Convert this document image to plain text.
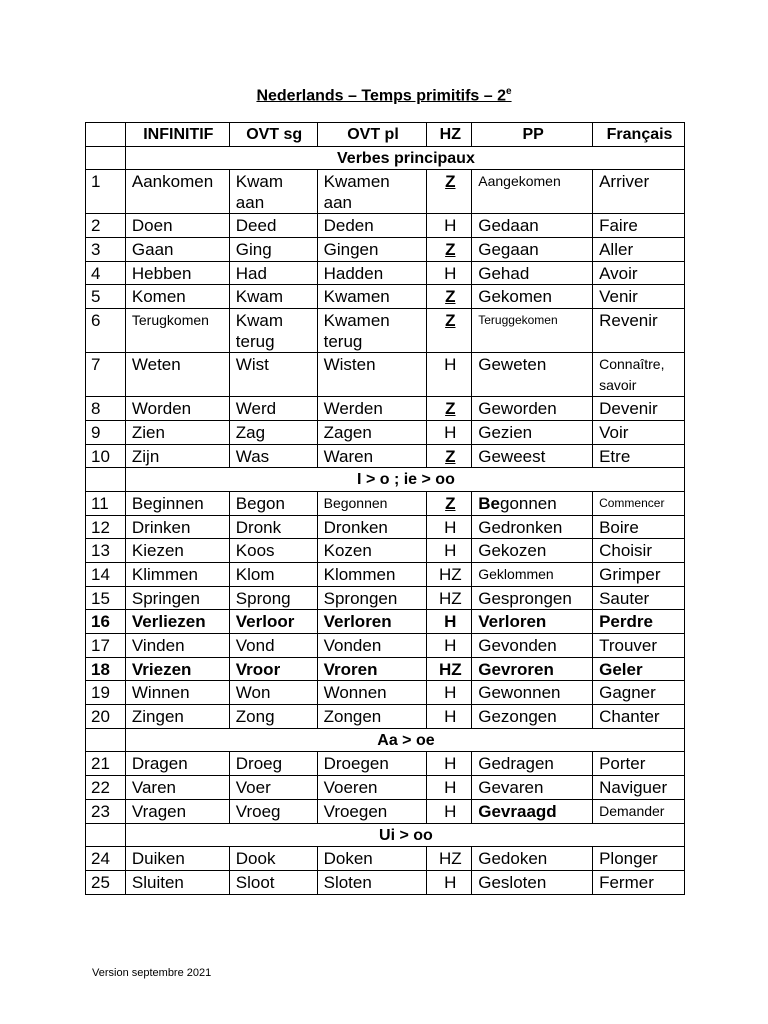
Nederlands – Temps primitifs – 2e
	INFINITIF	OVT sg	OVT pl	HZ	PP	Français
	Verbes principaux					
1	Aankomen	Kwam aan	Kwamen aan	Z	Aangekomen	Arriver
2	Doen	Deed	Deden	H	Gedaan	Faire
3	Gaan	Ging	Gingen	Z	Gegaan	Aller
4	Hebben	Had	Hadden	H	Gehad	Avoir
5	Komen	Kwam	Kwamen	Z	Gekomen	Venir
6	Terugkomen	Kwam terug	Kwamen terug	Z	Teruggekomen	Revenir
7	Weten	Wist	Wisten	H	Geweten	Connaître, savoir
8	Worden	Werd	Werden	Z	Geworden	Devenir
9	Zien	Zag	Zagen	H	Gezien	Voir
10	Zijn	Was	Waren	Z	Geweest	Etre
	I > o ; ie > oo					
11	Beginnen	Begon	Begonnen	Z	Begonnen	Commencer
12	Drinken	Dronk	Dronken	H	Gedronken	Boire
13	Kiezen	Koos	Kozen	H	Gekozen	Choisir
14	Klimmen	Klom	Klommen	HZ	Geklommen	Grimper
15	Springen	Sprong	Sprongen	HZ	Gesprongen	Sauter
16	Verliezen	Verloor	Verloren	H	Verloren	Perdre
17	Vinden	Vond	Vonden	H	Gevonden	Trouver
18	Vriezen	Vroor	Vroren	HZ	Gevroren	Geler
19	Winnen	Won	Wonnen	H	Gewonnen	Gagner
20	Zingen	Zong	Zongen	H	Gezongen	Chanter
	Aa > oe					
21	Dragen	Droeg	Droegen	H	Gedragen	Porter
22	Varen	Voer	Voeren	H	Gevaren	Naviguer
23	Vragen	Vroeg	Vroegen	H	Gevraagd	Demander
	Ui > oo					
24	Duiken	Dook	Doken	HZ	Gedoken	Plonger
25	Sluiten	Sloot	Sloten	H	Gesloten	Fermer
Version septembre 2021
